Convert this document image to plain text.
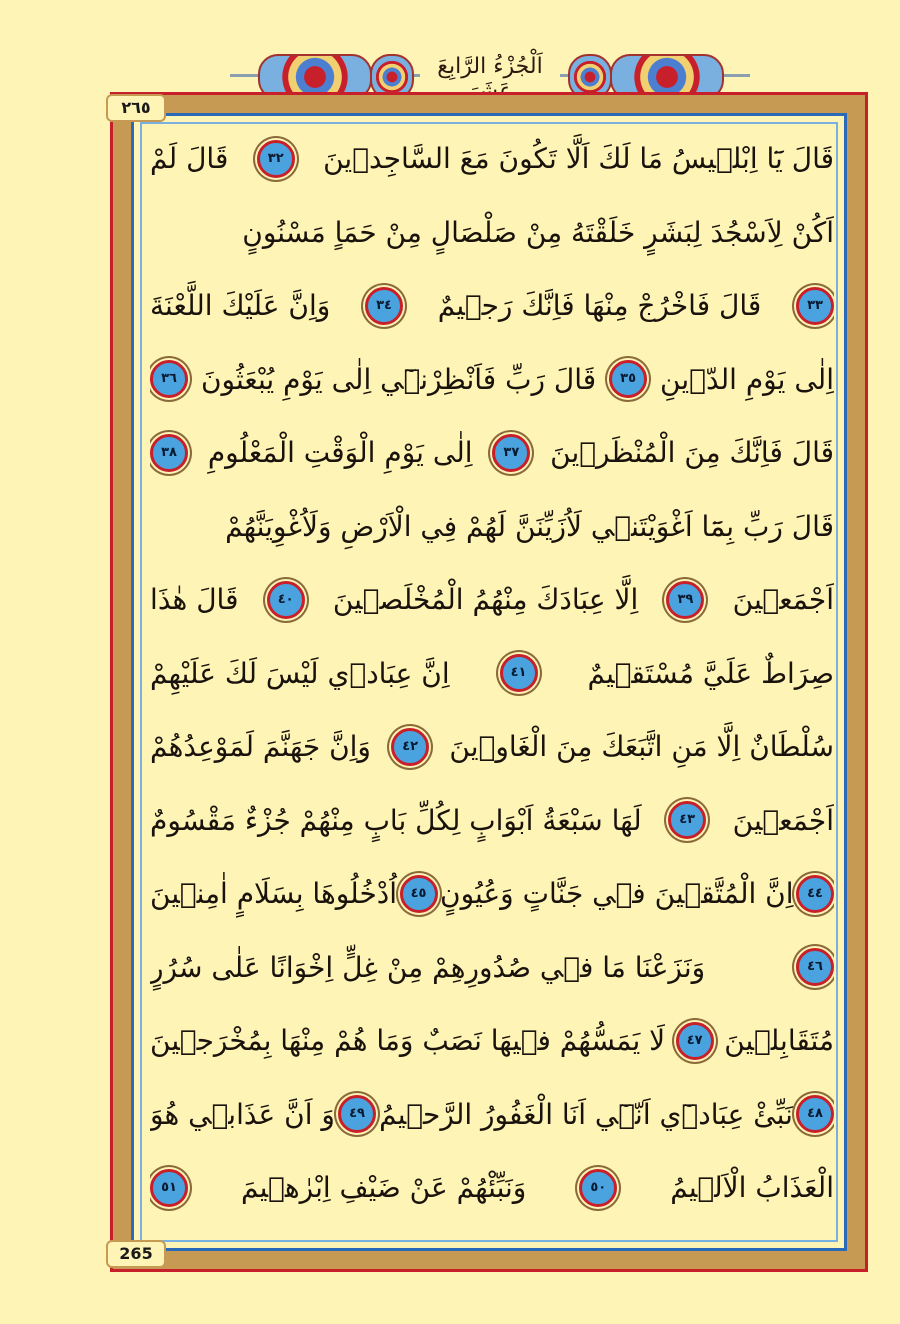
اَلْجُزْءُ الرَّابِعَ
٢٦٥
265
قَالَ يَٓا اِبْل۪يسُ مَا لَكَ اَلَّا تَكُونَ مَعَ السَّاجِد۪ينَ
٣٢
قَالَ لَمْ
اَكُنْ لِاَسْجُدَ لِبَشَرٍ خَلَقْتَهُ مِنْ صَلْصَالٍ مِنْ حَمَاٍ مَسْنُونٍ
٣٣
قَالَ فَاخْرُجْ مِنْهَا فَاِنَّكَ رَج۪يمٌ
٣٤
وَاِنَّ عَلَيْكَ اللَّعْنَةَ
اِلٰى يَوْمِ الدّ۪ينِ
٣٥
قَالَ رَبِّ فَاَنْظِرْن۪ٓي اِلٰى يَوْمِ يُبْعَثُونَ
٣٦
قَالَ فَاِنَّكَ مِنَ الْمُنْظَر۪ينَ
٣٧
اِلٰى يَوْمِ الْوَقْتِ الْمَعْلُومِ
٣٨
قَالَ رَبِّ بِمَٓا اَغْوَيْتَن۪ي لَاُزَيِّنَنَّ لَهُمْ فِي الْاَرْضِ وَلَاُغْوِيَنَّهُمْ
اَجْمَع۪ينَ
٣٩
اِلَّا عِبَادَكَ مِنْهُمُ الْمُخْلَص۪ينَ
٤٠
قَالَ هٰذَا
صِرَاطٌ عَلَيَّ مُسْتَق۪يمٌ
٤١
اِنَّ عِبَاد۪ي لَيْسَ لَكَ عَلَيْهِمْ
سُلْطَانٌ اِلَّا مَنِ اتَّبَعَكَ مِنَ الْغَاو۪ينَ
٤٢
وَاِنَّ جَهَنَّمَ لَمَوْعِدُهُمْ
اَجْمَع۪ينَ
٤٣
لَهَا سَبْعَةُ اَبْوَابٍ لِكُلِّ بَابٍ مِنْهُمْ جُزْءٌ مَقْسُومٌ
٤٤
اِنَّ الْمُتَّق۪ينَ ف۪ي جَنَّاتٍ وَعُيُونٍ
٤٥
اُدْخُلُوهَا بِسَلَامٍ اٰمِن۪ينَ
٤٦
وَنَزَعْنَا مَا ف۪ي صُدُورِهِمْ مِنْ غِلٍّ اِخْوَانًا عَلٰى سُرُرٍ
مُتَقَابِل۪ينَ
٤٧
لَا يَمَسُّهُمْ ف۪يهَا نَصَبٌ وَمَا هُمْ مِنْهَا بِمُخْرَج۪ينَ
٤٨
نَبِّئْ عِبَاد۪ٓي اَنّ۪ٓي اَنَا الْغَفُورُ الرَّح۪يمُ
٤٩
وَ اَنَّ عَذَاب۪ي هُوَ
الْعَذَابُ الْاَل۪يمُ
٥٠
وَنَبِّئْهُمْ عَنْ ضَيْفِ اِبْرٰه۪يمَ
٥١
